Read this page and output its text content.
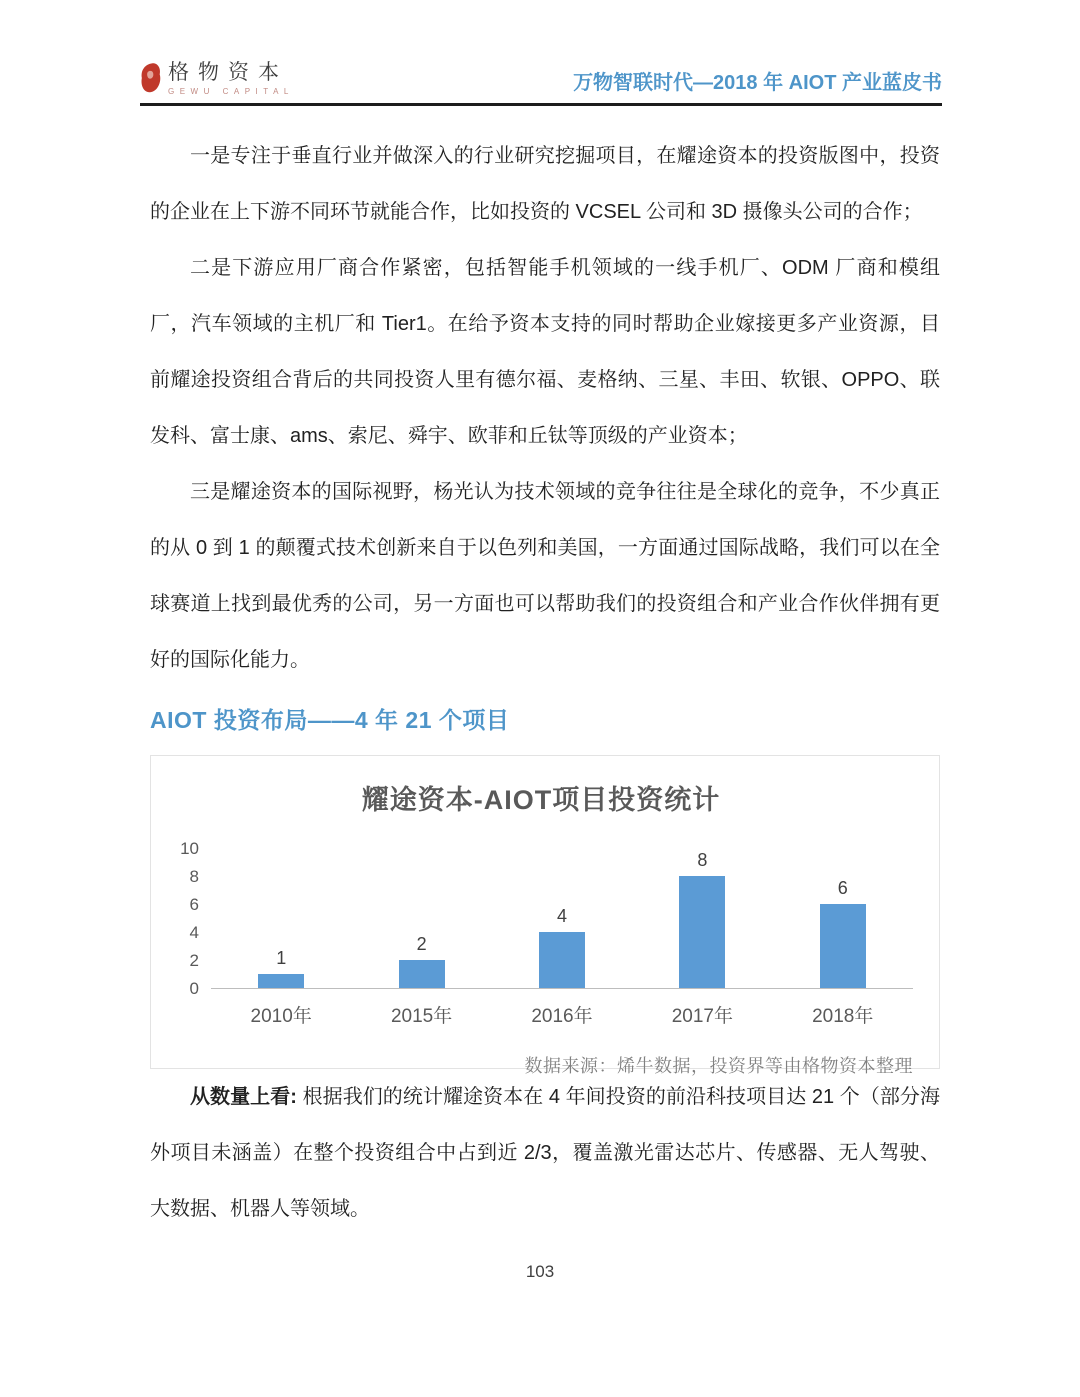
格物资本
GEWU CAPITAL	万物智联时代—2018 年 AIOT 产业蓝皮书

一是专注于垂直行业并做深入的行业研究挖掘项目，在耀途资本的投资版图中，投资的企业在上下游不同环节就能合作，比如投资的 VCSEL 公司和 3D 摄像头公司的合作；

二是下游应用厂商合作紧密，包括智能手机领域的一线手机厂、ODM 厂商和模组厂，汽车领域的主机厂和 Tier1。在给予资本支持的同时帮助企业嫁接更多产业资源，目前耀途投资组合背后的共同投资人里有德尔福、麦格纳、三星、丰田、软银、OPPO、联发科、富士康、ams、索尼、舜宇、欧菲和丘钛等顶级的产业资本；

三是耀途资本的国际视野，杨光认为技术领域的竞争往往是全球化的竞争，不少真正的从 0 到 1 的颠覆式技术创新来自于以色列和美国，一方面通过国际战略，我们可以在全球赛道上找到最优秀的公司，另一方面也可以帮助我们的投资组合和产业合作伙伴拥有更好的国际化能力。

AIOT 投资布局——4 年 21 个项目
耀途资本-AIOT项目投资统计
10
8
6
4
2
0
1
2
4
8
6
2010年	2015年	2016年	2017年	2018年
数据来源：烯牛数据，投资界等由格物资本整理

从数量上看: 根据我们的统计耀途资本在 4 年间投资的前沿科技项目达 21 个（部分海外项目未涵盖）在整个投资组合中占到近 2/3，覆盖激光雷达芯片、传感器、无人驾驶、大数据、机器人等领域。

103
